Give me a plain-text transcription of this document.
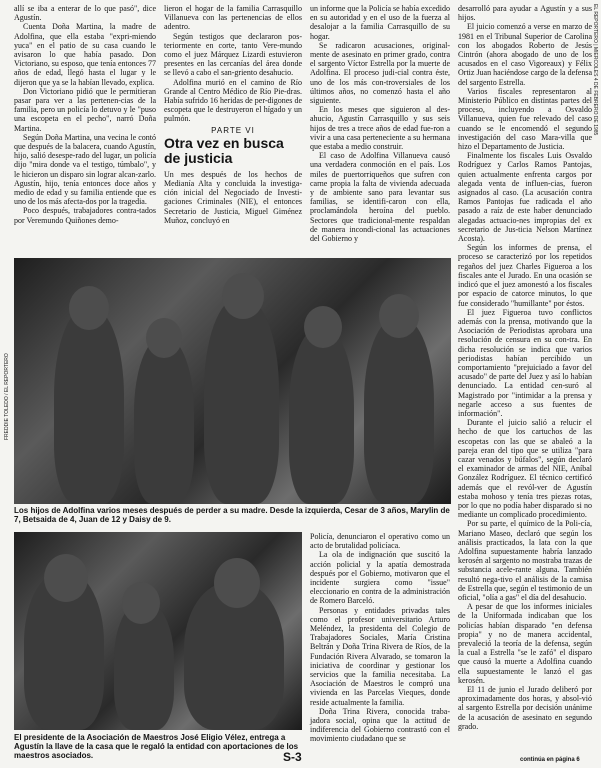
EL REPORTERO | MIERCOLES 4 DE FEBRERO DE 1985

allí se iba a enterar de lo que pasó", dice Agustín.

Cuenta Doña Martina, la madre de Adolfina, que ella estaba "expri-miendo yuca" en el patio de su casa cuando le avisaron lo que había pasado. Don Victoriano, su esposo, que tenía entonces 77 años de edad, llegó hasta el lugar y le dijeron que ya se la habían llevado, explica.

Don Victoriano pidió que le permitieran pasar para ver a las pertenen-cias de la familia, pero un policía lo detuvo y le "puso una escopeta en el pecho", narró Doña Martina.

Según Doña Martina, una vecina le contó que después de la balacera, cuando Agustín, hijo, salió desespe-rado del lugar, un policía dijo "mira donde va el testigo, túmbalo", y le hicieron un disparo sin lograr alcan-zarlo. Agustín, hijo, tenía entonces doce años y medio de edad y su familia entiende que es uno de los más afecta-dos por la tragedia.

Poco después, trabajadores contra-tados por Veremundo Quiñones demo-

lieron el hogar de la familia Carrasquillo Villanueva con las pertenencias de ellos adentro.

Según testigos que declararon pos-teriormente en corte, tanto Vere-mundo como el juez Márquez Lizardi estuvieron presentes en las cercanías del área donde se llevó a cabo el san-griento desahucio.

Adolfina murió en el camino de Río Grande al Centro Médico de Río Pie-dras. Había sufrido 16 heridas de per-digones de escopeta que le destruyeron el hígado y un pulmón.

PARTE VI
Otra vez en busca de justicia

Un mes después de los hechos de Medianía Alta y concluida la investiga-ción inicial del Negociado de Investi-gaciones Criminales (NIE), el entonces Secretario de Justicia, Miguel Giménez Muñoz, concluyó en

un informe que la Policía se había excedido en su autoridad y en el uso de la fuerza al desalojar a la familia Carrasquillo de su hogar.

Se radicaron acusaciones, original-mente de asesinato en primer grado, contra el sargento Víctor Estrella por la muerte de Adolfina. El proceso judi-cial contra éste, uno de los más con-troversiales de los últimos años, no comenzó hasta el año siguiente.

En los meses que siguieron al des-ahucio, Agustín Carrasquillo y sus seis hijos de tres a trece años de edad fue-ron a vivir a una casa perteneciente a su hermana que estaba a medio construir.

El caso de Adolfina Villanueva causó una verdadera conmoción en el país. Los miles de puertorriqueños que sufren con carne propia la falta de vivienda adecuada y de ambiente sano para levantar sus familias, se identifi-caron con ella, proclamándola heroína del pueblo. Sectores que tradicional-mente respaldan de manera incondi-cional las actuaciones del Gobierno y

desarrolló para ayudar a Agustín y a sus hijos.

El juicio comenzó a verse en marzo de 1981 en el Tribunal Superior de Carolina con los abogados Roberto de Jesús Cintrón (ahora abogado de uno de los acusados en el caso Vigoreaux) y Félix Ortiz Juan haciéndose cargo de la defensa del sargento Estrella.

Varios fiscales representaron al Ministerio Público en distintas partes del proceso, incluyendo a Osvaldo Villanueva, quien fue relevado del caso cuando se le encomendó el segundo investigación del caso Mara-villa que hizo el Departamento de Justicia.

Finalmente los fiscales Luis Osvaldo Rodríguez y Carlos Ramos Pantojas, quien actualmente enfrenta cargos por alegada venta de influen-cias, fueron asignados al caso. (La acusación contra Ramos Pantojas fue radicada el año pasado a raíz de este haber denunciado alegadas actuacio-nes impropias del ex secretario de Jus-ticia Nelson Martínez Acosta).

Según los informes de prensa, el proceso se caracterizó por los repetidos regaños del juez Charles Figueroa a los fiscales ante el Jurado. En una ocasión se indicó que el juez amonestó a los fiscales por espacio de catorce minutos, lo que fue considerado "humillante" por éstos.

El juez Figueroa tuvo conflictos además con la prensa, motivando que la Asociación de Periodistas aprobara una resolución de censura en su con-tra. En dicha resolución se indica que varios periodistas habían percibido un comportamiento "prejuiciado a favor del acusado" de parte del Juez y así lo habían denunciado. La entidad cen-suró al Magistrado por "intimidar a la prensa y negarle acceso a sus fuentes de información".

Durante el juicio salió a relucir el hecho de que los cartuchos de las escopetas con las que se abaleó a la pareja eran del tipo que se utiliza "para cazar venados y búfalos", según declaró el examinador de armas del NIE, Aníbal González Rodríguez. El técnico certificó además que el revól-ver de Agustín estaba mohoso y tenía tres piezas rotas, por lo que no podía haber disparado si no mediante un complicado procedimiento.

Por su parte, el químico de la Poli-cía, Mariano Maseo, declaró que según los análisis practicados, la lata con la que Adolfina supuestamente habría lanzado kerosén al sargento no mostraba trazas de substancia acele-rante alguna. También resultó nega-tivo el análisis de la camisa de Estrella que, según el testimonio de un oficial, "olía a gas" el día del desahucio.

A pesar de que los informes iniciales de la Uniformada indicaban que los policías habían disparado "en defensa propia" y no de manera accidental, prevaleció la teoría de la defensa, según la cual a Estrella "se le zafó" el disparo que causó la muerte a Adolfina cuando ella supuestamente le lanzó el gas kerosén.

El 11 de junio el Jurado deliberó por aproximadamente dos horas, y absol-vió al sargento Estrella por decisión unánime de la acusación de asesinato en segundo grado.

FREDDIE TOLEDO / EL REPORTERO
Los hijos de Adolfina varios meses después de perder a su madre. Desde la izquierda, Cesar de 3 años, Marylin de 7, Betsaida de 4, Juan de 12 y Daisy de 9.

Policía, denunciaron el operativo como un acto de brutalidad policíaca.

La ola de indignación que suscitó la acción policial y la apatía demostrada después por el Gobierno, motivaron que el incidente surgiera como "issue" eleccionario en contra de la administración de Romero Barceló.

Personas y entidades privadas tales como el profesor universitario Arturo Meléndez, la presidenta del Colegio de Trabajadores Sociales, María Cristina Beltrán y Doña Trina Rivera de Ríos, de la Fundación Rivera Alvarado, se tomaron la iniciativa de coordinar y gestionar los servicios que la familia necesitaba. La Asociación de Maestros le compró una vivienda en las Parcelas Vieques, donde reside actualmente la familia.

Doña Trina Rivera, conocida traba-jadora social, opina que la actitud de indiferencia del Gobierno contrastó con el movimiento ciudadano que se

El presidente de la Asociación de Maestros José Eligio Vélez, entrega a Agustín la llave de la casa que le regaló la entidad con aportaciones de los maestros asociados.	S-3	continúa en página 6
